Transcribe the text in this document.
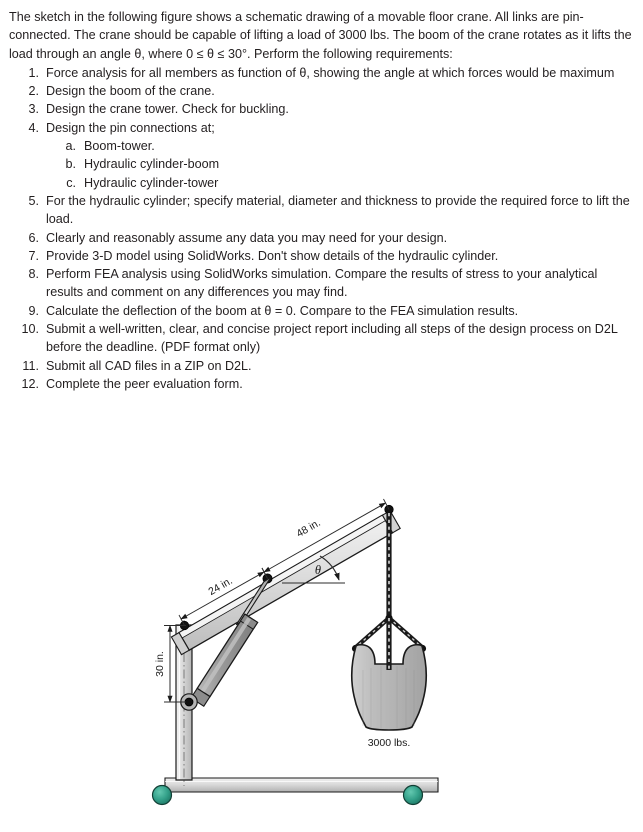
The sketch in the following figure shows a schematic drawing of a movable floor crane. All links are pin-connected. The crane should be capable of lifting a load of 3000 lbs. The boom of the crane rotates as it lifts the load through an angle θ, where 0 ≤ θ ≤ 30°. Perform the following requirements:

1. Force analysis for all members as function of θ, showing the angle at which forces would be maximum
2. Design the boom of the crane.
3. Design the crane tower. Check for buckling.
4. Design the pin connections at;
a. Boom-tower.
b. Hydraulic cylinder-boom
c. Hydraulic cylinder-tower
5. For the hydraulic cylinder; specify material, diameter and thickness to provide the required force to lift the load.
6. Clearly and reasonably assume any data you may need for your design.
7. Provide 3-D model using SolidWorks. Don't show details of the hydraulic cylinder.
8. Perform FEA analysis using SolidWorks simulation. Compare the results of stress to your analytical results and comment on any differences you may find.
9. Calculate the deflection of the boom at θ = 0. Compare to the FEA simulation results.
10. Submit a well-written, clear, and concise project report including all steps of the design process on D2L before the deadline. (PDF format only)
11. Submit all CAD files in a ZIP on D2L.
12. Complete the peer evaluation form.
θ
48 in.
24 in.
30 in.
3000 lbs.
